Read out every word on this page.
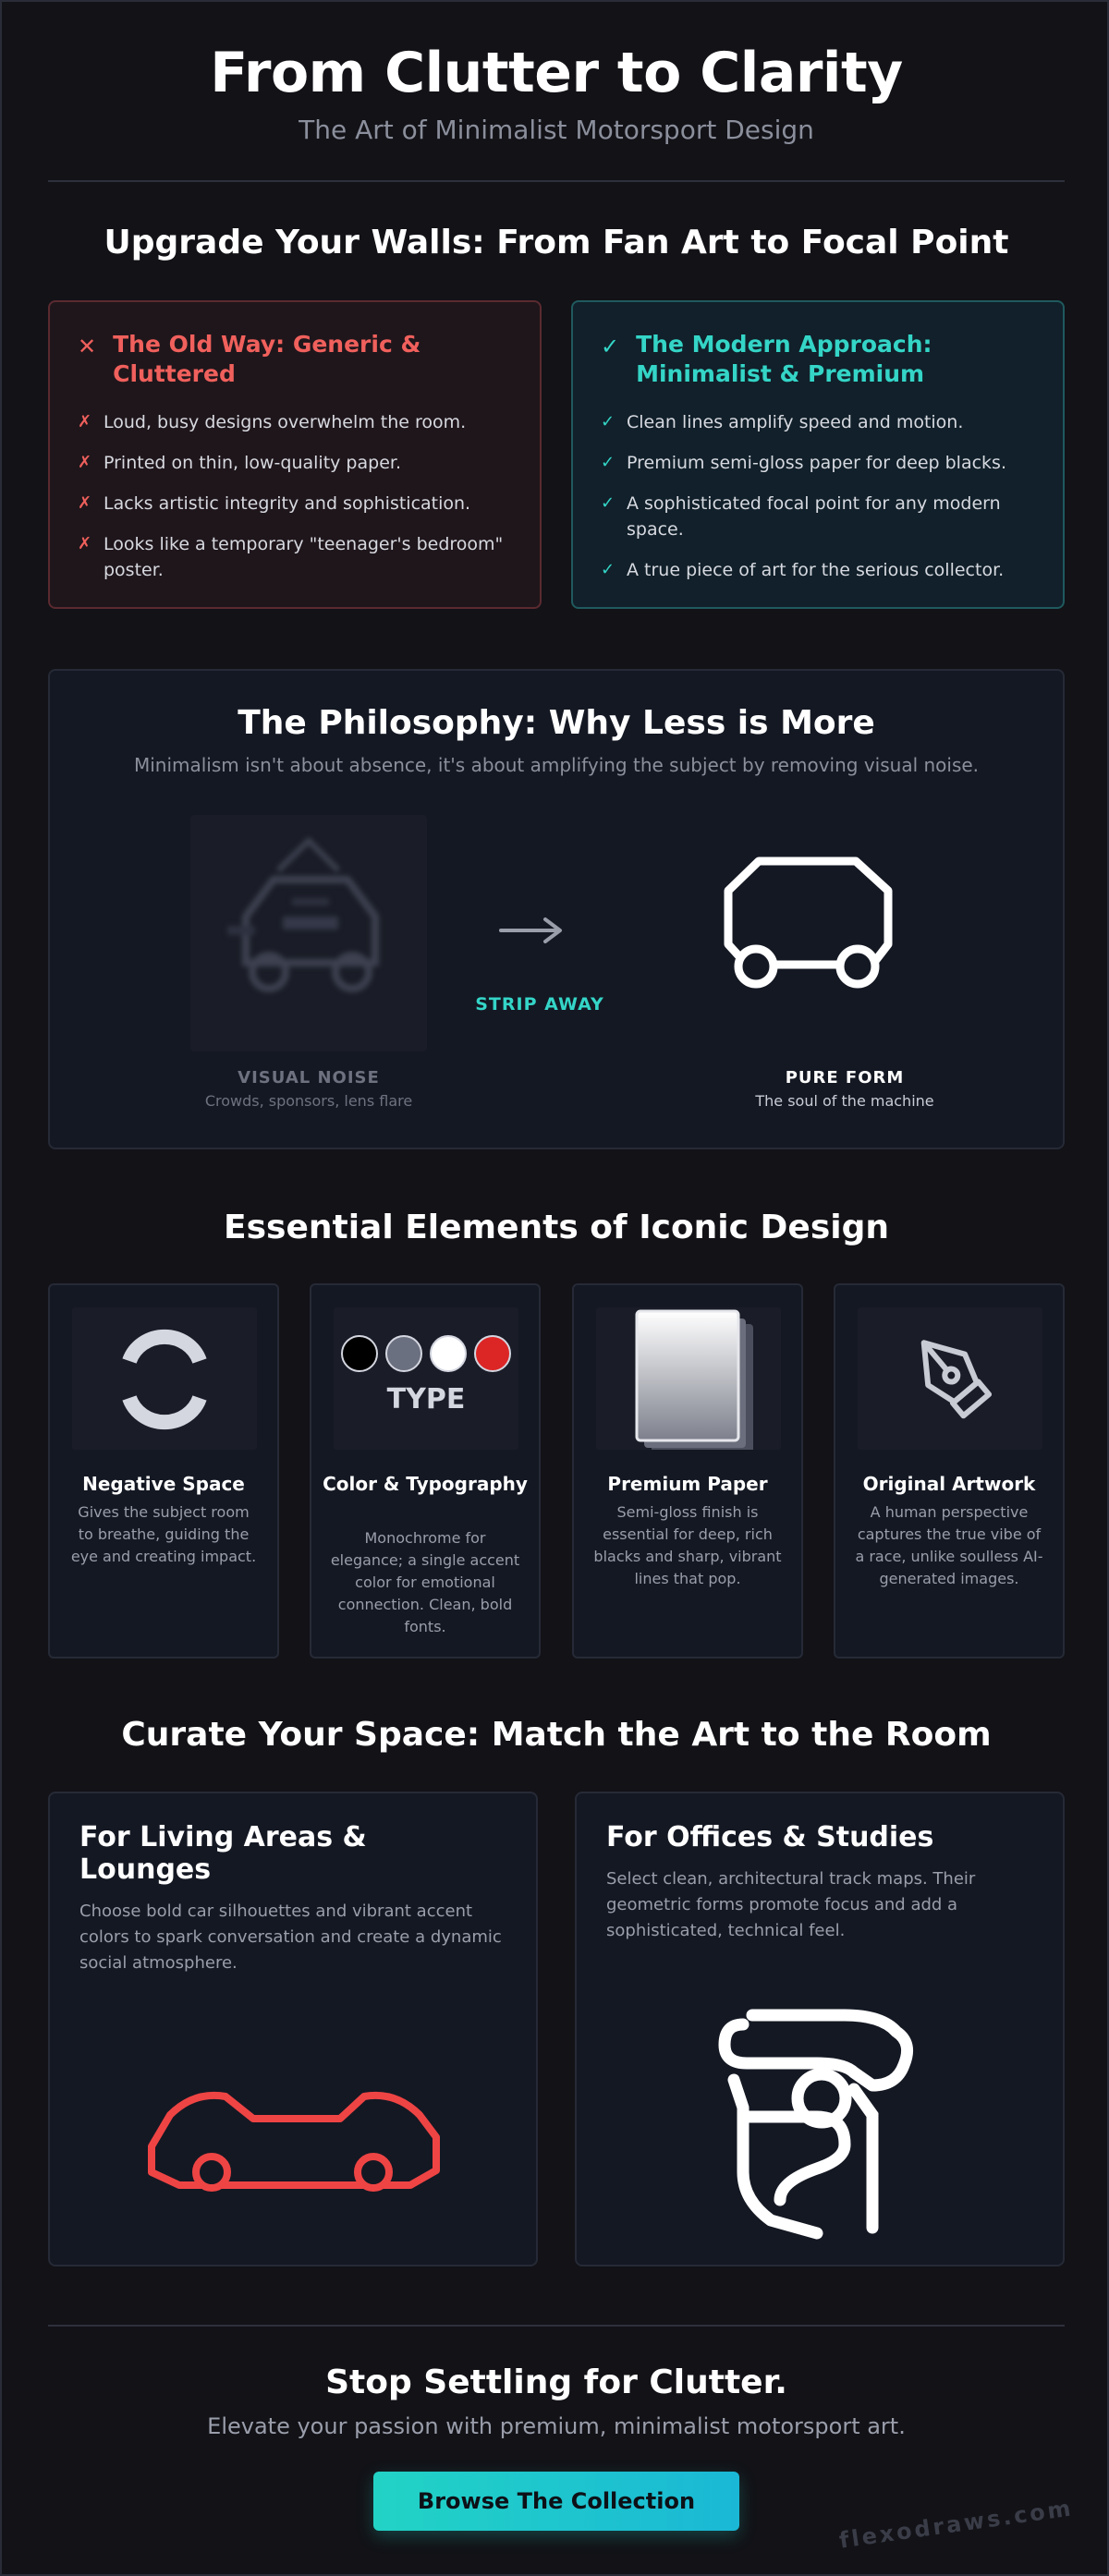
From Clutter to Clarity
The Art of Minimalist Motorsport Design
Upgrade Your Walls: From Fan Art to Focal Point
✕ The Old Way: Generic & Cluttered
✗ Loud, busy designs overwhelm the room.
✗ Printed on thin, low-quality paper.
✗ Lacks artistic integrity and sophistication.
✗ Looks like a temporary "teenager's bedroom" poster.
✓ The Modern Approach: Minimalist & Premium
✓ Clean lines amplify speed and motion.
✓ Premium semi-gloss paper for deep blacks.
✓ A sophisticated focal point for any modern space.
✓ A true piece of art for the serious collector.
The Philosophy: Why Less is More
Minimalism isn't about absence, it's about amplifying the subject by removing visual noise.
VISUAL NOISE
Crowds, sponsors, lens flare
STRIP AWAY
PURE FORM
The soul of the machine
Essential Elements of Iconic Design
Negative Space
Gives the subject room to breathe, guiding the eye and creating impact.
TYPE
Color & Typography
Monochrome for elegance; a single accent color for emotional connection. Clean, bold fonts.
Premium Paper
Semi-gloss finish is essential for deep, rich blacks and sharp, vibrant lines that pop.
Original Artwork
A human perspective captures the true vibe of a race, unlike soulless AI-generated images.
Curate Your Space: Match the Art to the Room
For Living Areas & Lounges
Choose bold car silhouettes and vibrant accent colors to spark conversation and create a dynamic social atmosphere.
For Offices & Studies
Select clean, architectural track maps. Their geometric forms promote focus and add a sophisticated, technical feel.
Stop Settling for Clutter.
Elevate your passion with premium, minimalist motorsport art.
Browse The Collection	flexodraws.com
